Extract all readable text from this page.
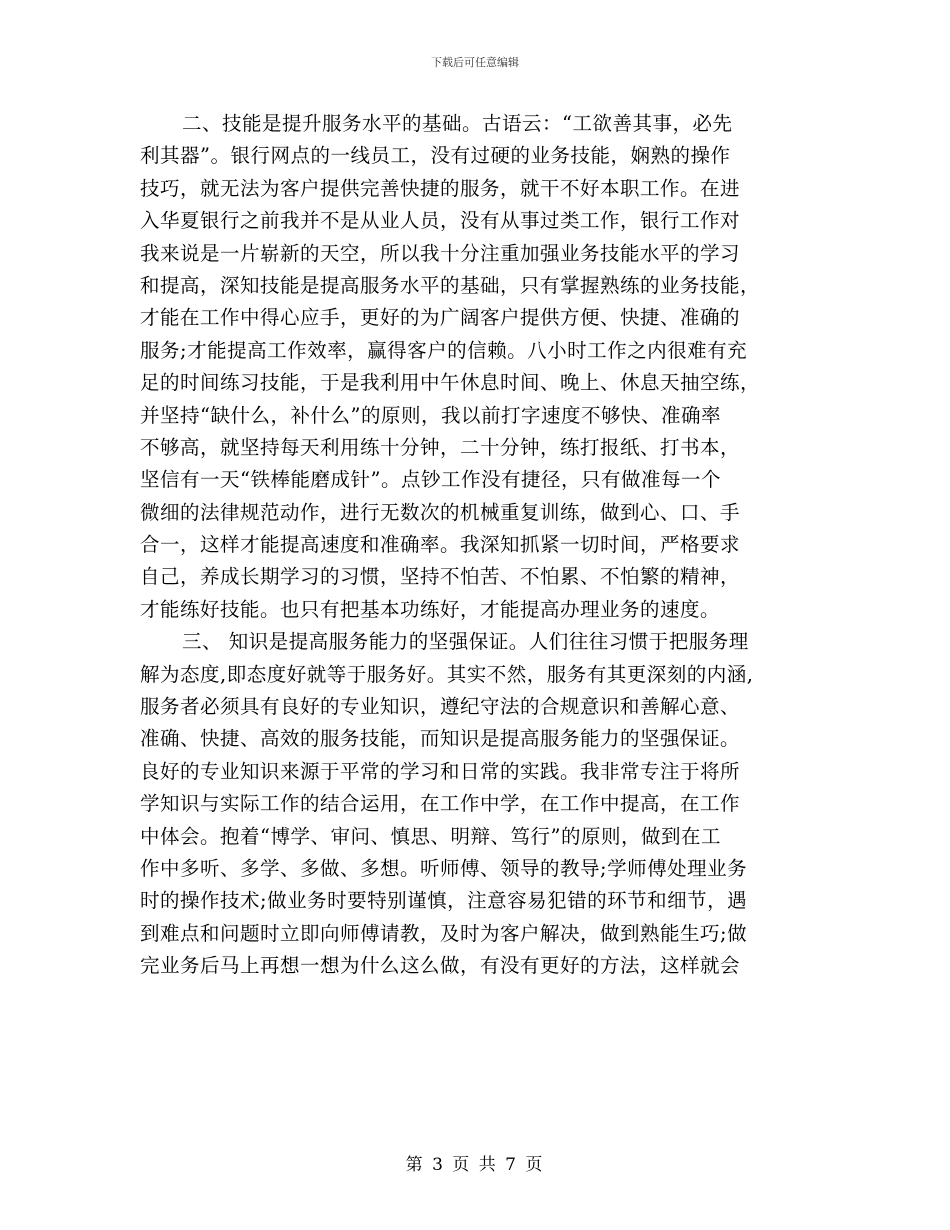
下载后可任意编辑
二、技能是提升服务水平的基础。古语云：“工欲善其事，必先
利其器”。银行网点的一线员工，没有过硬的业务技能，娴熟的操作
技巧，就无法为客户提供完善快捷的服务，就干不好本职工作。在进
入华夏银行之前我并不是从业人员，没有从事过类工作，银行工作对
我来说是一片崭新的天空，所以我十分注重加强业务技能水平的学习
和提高，深知技能是提高服务水平的基础，只有掌握熟练的业务技能，
才能在工作中得心应手，更好的为广阔客户提供方便、快捷、准确的
服务;才能提高工作效率，赢得客户的信赖。八小时工作之内很难有充
足的时间练习技能，于是我利用中午休息时间、晚上、休息天抽空练，
并坚持“缺什么，补什么”的原则，我以前打字速度不够快、准确率
不够高，就坚持每天利用练十分钟，二十分钟，练打报纸、打书本，
坚信有一天“铁棒能磨成针”。点钞工作没有捷径，只有做准每一个
微细的法律规范动作，进行无数次的机械重复训练，做到心、口、手
合一，这样才能提高速度和准确率。我深知抓紧一切时间，严格要求
自己，养成长期学习的习惯，坚持不怕苦、不怕累、不怕繁的精神，
才能练好技能。也只有把基本功练好，才能提高办理业务的速度。
三、 知识是提高服务能力的坚强保证。人们往往习惯于把服务理
解为态度,即态度好就等于服务好。其实不然，服务有其更深刻的内涵,
服务者必须具有良好的专业知识，遵纪守法的合规意识和善解心意、
准确、快捷、高效的服务技能，而知识是提高服务能力的坚强保证。
良好的专业知识来源于平常的学习和日常的实践。我非常专注于将所
学知识与实际工作的结合运用，在工作中学，在工作中提高，在工作
中体会。抱着“博学、审问、慎思、明辩、笃行”的原则，做到在工
作中多听、多学、多做、多想。听师傅、领导的教导;学师傅处理业务
时的操作技术;做业务时要特别谨慎，注意容易犯错的环节和细节，遇
到难点和问题时立即向师傅请教，及时为客户解决，做到熟能生巧;做
完业务后马上再想一想为什么这么做，有没有更好的方法，这样就会
第 3 页 共 7 页
